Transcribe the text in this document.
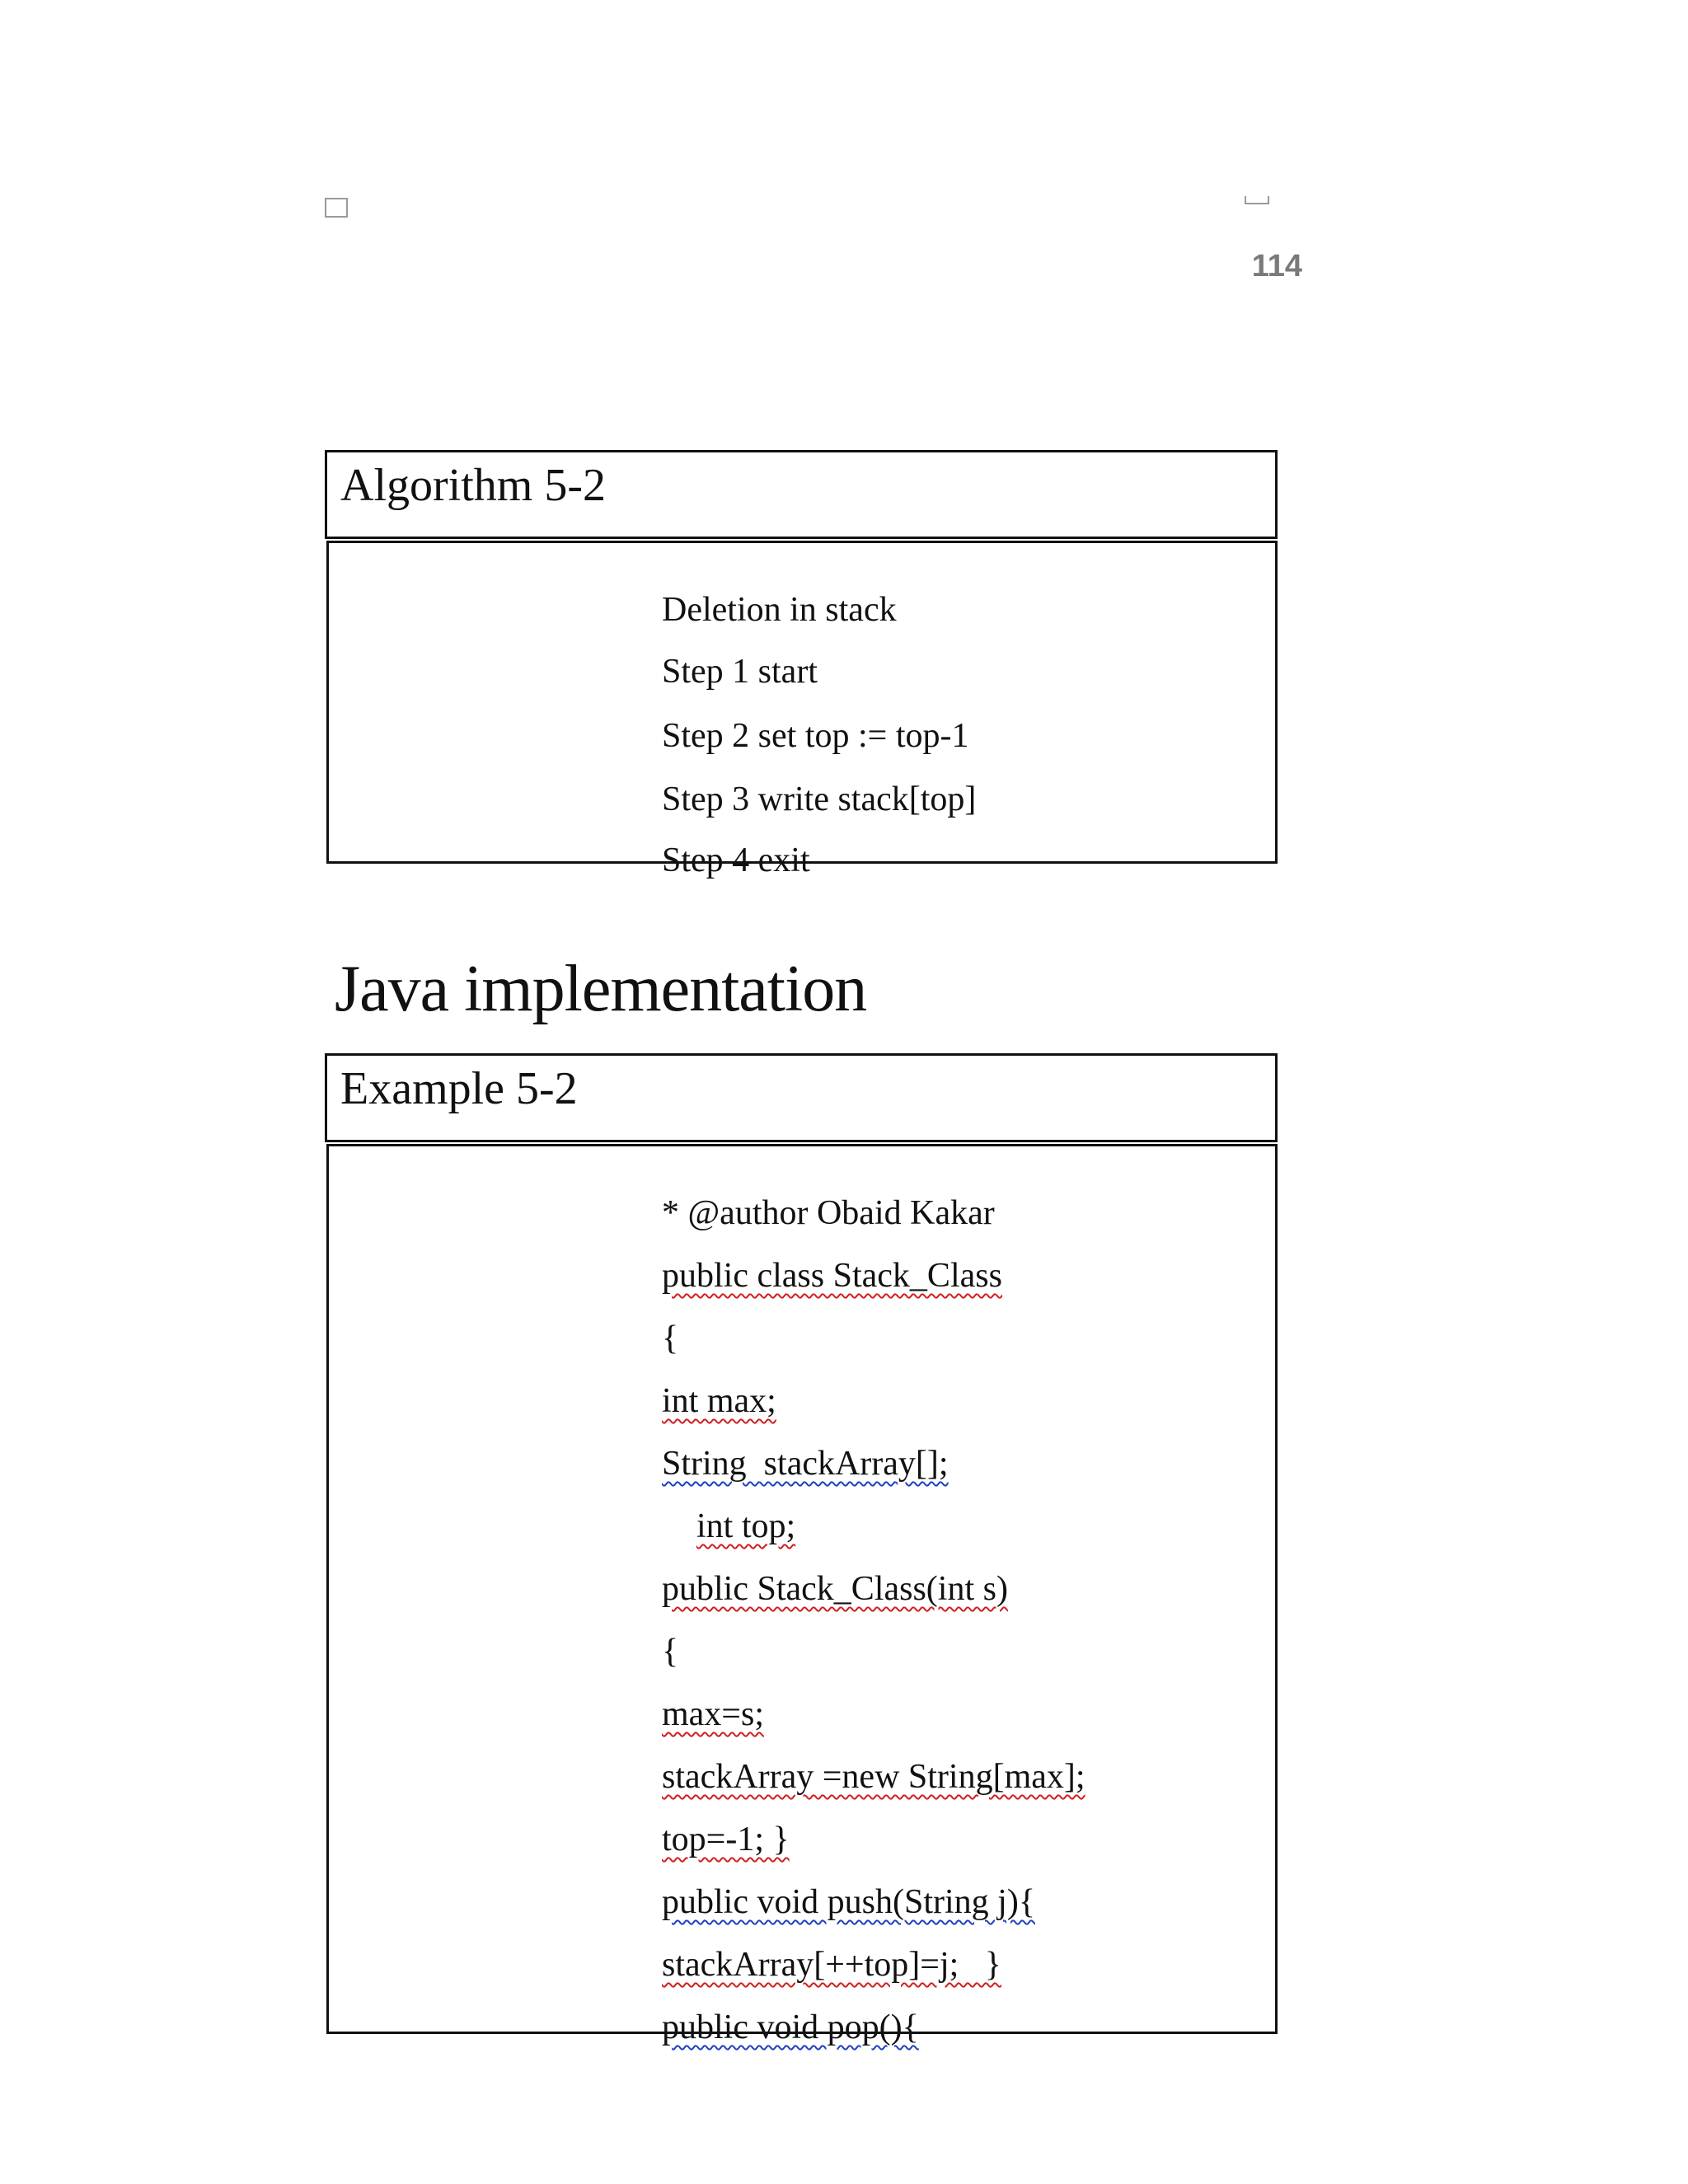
114
Algorithm 5-2

Deletion in stack

Step 1 start

Step 2 set top := top-1

Step 3 write stack[top]

Step 4 exit

Java implementation
Example 5-2

* @author Obaid Kakar

public class Stack_Class

{

int max;

String  stackArray[];

int top;

public Stack_Class(int s)

{

max=s;

stackArray =new String[max];

top=-1; }

public void push(String j){

stackArray[++top]=j;   }

public void pop(){
